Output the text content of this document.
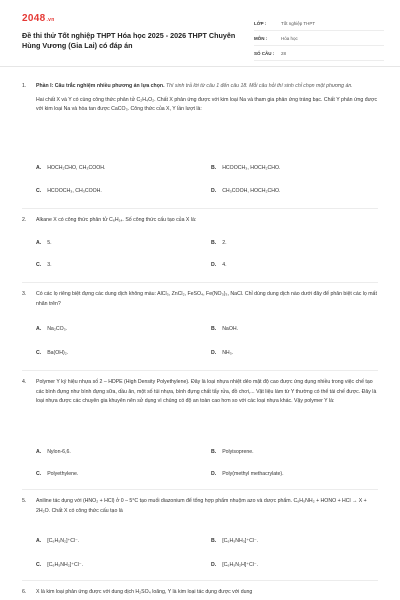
2048.vn
Đề thi thử Tốt nghiệp THPT Hóa học 2025 - 2026 THPT Chuyên Hùng Vương (Gia Lai) có đáp án
LỚP :	Tốt nghiệp THPT
MÔN :	Hóa học
SỐ CÂU :	28
1. Phần I: Câu trắc nghiệm nhiều phương án lựa chọn. Thí sinh trả lời từ câu 1 đến câu 18. Mỗi câu hỏi thí sinh chỉ chọn một phương án.

Hai chất X và Y có cùng công thức phân tử C₂H₄O₂. Chất X phản ứng được với kim loại Na và tham gia phản ứng tráng bạc. Chất Y phản ứng được với kim loại Na và hòa tan được CaCO₃. Công thức của X, Y lần lượt là:

A. HOCH₂CHO, CH₃COOH.	B. HCOOCH₃, HOCH₂CHO.
C. HCOOCH₃, CH₃COOH.	D. CH₃COOH, HOCH₂CHO.
2. Alkane X có công thức phân tử C₆H₁₄. Số công thức cấu tạo của X là:

A. 5.	B. 2.
C. 3.	D. 4.
3. Có các lọ riêng biệt đựng các dung dịch không màu: AlCl₃, ZnCl₂, FeSO₄, Fe(NO₃)₃, NaCl. Chỉ dùng dung dịch nào dưới đây để phân biệt các lọ mất nhãn trên?

A. Na₂CO₃.	B. NaOH.
C. Ba(OH)₂.	D. NH₃.
4. Polymer Y ký hiệu nhựa số 2 – HDPE (High Density Polyethylene). Đây là loại nhựa nhiệt dẻo mật độ cao được ứng dụng nhiều trong việc chế tạo các bình đựng như bình đựng sữa, dầu ăn, một số túi nhựa, bình đựng chất tẩy rửa, đồ chơi,... Vật liệu làm từ Y thường có thể tái chế được. Đây là loại nhựa được các chuyên gia khuyên nên sử dụng vì chúng có độ an toàn cao hơn so với các loại nhựa khác. Vậy polymer Y là:

A. Nylon-6,6.	B. Polyisoprene.
C. Polyethylene.	D. Poly(methyl methacrylate).
5. Aniline tác dụng với (HNO₂ + HCl) ở 0 – 5°C tạo muối diazonium để tổng hợp phẩm nhuộm azo và dược phẩm. C₆H₅NH₂ + HONO + HCl → X + 2H₂O. Chất X có công thức cấu tạo là

A. [C₆H₅N₂]⁺Cl⁻.	B. [C₆H₅NH₃]⁺Cl⁻.
C. [C₆H₅NH₂]⁺Cl⁻.	D. [C₆H₅N₂H]⁺Cl⁻.
6. X là kim loại phản ứng được với dung dịch H₂SO₄ loãng, Y là kim loại tác dụng được với dung
